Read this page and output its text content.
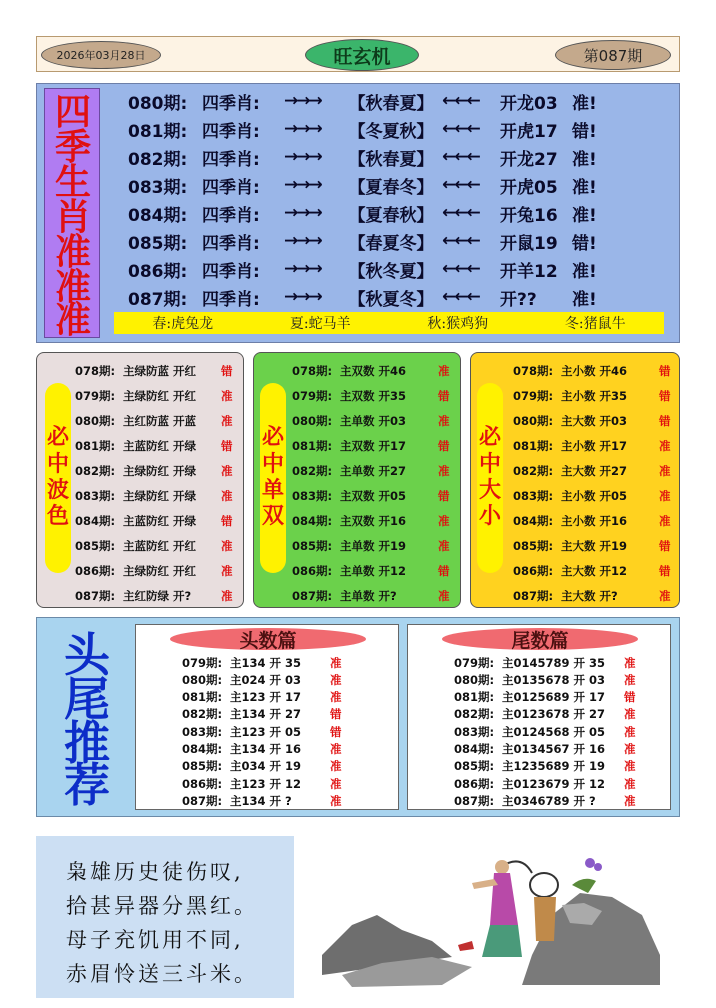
2026年03月28日	旺玄机	第087期
四
季
生
肖
准
准
准
080期: 四季肖:	→→→	【秋春夏】 ←←←	开龙03 准!
081期: 四季肖:	→→→	【冬夏秋】 ←←←	开虎17 错!
082期: 四季肖:	→→→	【秋春夏】 ←←←	开龙27 准!
083期: 四季肖:	→→→	【夏春冬】 ←←←	开虎05 准!
084期: 四季肖:	→→→	【夏春秋】 ←←←	开兔16 准!
085期: 四季肖:	→→→	【春夏冬】 ←←←	开鼠19 错!
086期: 四季肖:	→→→	【秋冬夏】 ←←←	开羊12 准!
087期: 四季肖:	→→→	【秋夏冬】 ←←←	开??	准!
春:虎兔龙	夏:蛇马羊	秋:猴鸡狗	冬:猪鼠牛
必
中
波
色
078期: 主绿防蓝 开红	错
079期: 主绿防红 开红	准
080期: 主红防蓝 开蓝	准
081期: 主蓝防红 开绿	错
082期: 主绿防红 开绿	准
083期: 主绿防红 开绿	准
084期: 主蓝防红 开绿	错
085期: 主蓝防红 开红	准
086期: 主绿防红 开红	准
087期: 主红防绿 开?	准
必
中
单
双
078期: 主双数 开46	准
079期: 主双数 开35	错
080期: 主单数 开03	准
081期: 主双数 开17	错
082期: 主单数 开27	准
083期: 主双数 开05	错
084期: 主双数 开16	准
085期: 主单数 开19	准
086期: 主单数 开12	错
087期: 主单数 开?	准
必
中
大
小
078期: 主小数 开46	错
079期: 主小数 开35	错
080期: 主大数 开03	错
081期: 主小数 开17	准
082期: 主大数 开27	准
083期: 主小数 开05	准
084期: 主小数 开16	准
085期: 主大数 开19	错
086期: 主大数 开12	错
087期: 主大数 开?	准
头
尾
推
荐
头数篇
079期: 主134 开 35	准
080期: 主024 开 03	准
081期: 主123 开 17	准
082期: 主134 开 27	错
083期: 主123 开 05	错
084期: 主134 开 16	准
085期: 主034 开 19	准
086期: 主123 开 12	准
087期: 主134 开 ?	准
尾数篇
079期: 主0145789 开 35	准
080期: 主0135678 开 03	准
081期: 主0125689 开 17	错
082期: 主0123678 开 27	准
083期: 主0124568 开 05	准
084期: 主0134567 开 16	准
085期: 主1235689 开 19	准
086期: 主0123679 开 12	准
087期: 主0346789 开 ?	准
枭雄历史徒伤叹,
拾甚异器分黑红。
母子充饥用不同,
赤眉怜送三斗米。
